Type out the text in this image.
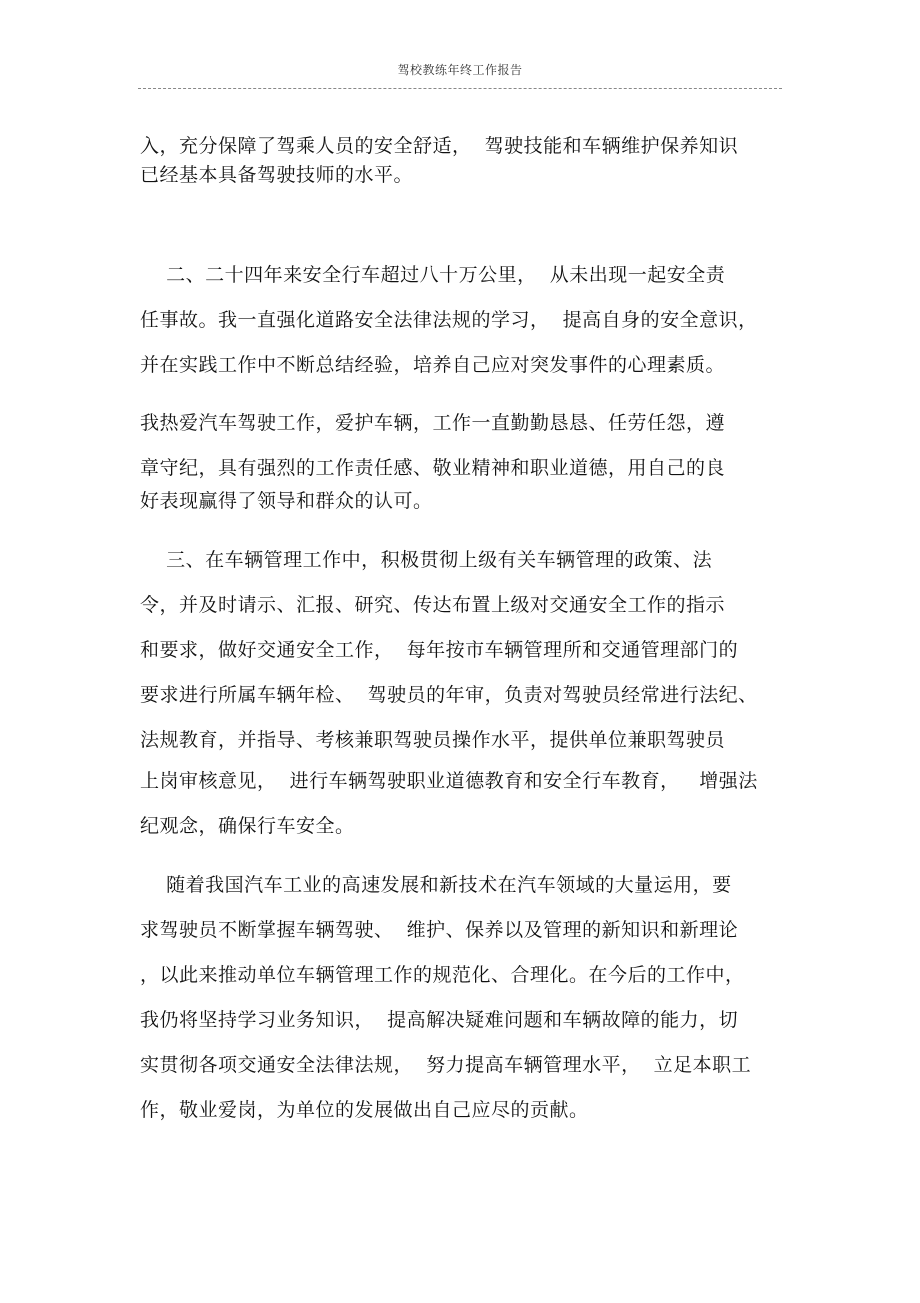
驾校教练年终工作报告
入，充分保障了驾乘人员的安全舒适，  驾驶技能和车辆维护保养知识
已经基本具备驾驶技师的水平。
二、二十四年来安全行车超过八十万公里，  从未出现一起安全责
任事故。我一直强化道路安全法律法规的学习，  提高自身的安全意识，
并在实践工作中不断总结经验，培养自己应对突发事件的心理素质。
我热爱汽车驾驶工作，爱护车辆，工作一直勤勤恳恳、任劳任怨，遵
章守纪，具有强烈的工作责任感、敬业精神和职业道德，用自己的良
好表现赢得了领导和群众的认可。
三、在车辆管理工作中，积极贯彻上级有关车辆管理的政策、法
令，并及时请示、汇报、研究、传达布置上级对交通安全工作的指示
和要求，做好交通安全工作，  每年按市车辆管理所和交通管理部门的
要求进行所属车辆年检、  驾驶员的年审，负责对驾驶员经常进行法纪、
法规教育，并指导、考核兼职驾驶员操作水平，提供单位兼职驾驶员
上岗审核意见，  进行车辆驾驶职业道德教育和安全行车教育，   增强法
纪观念，确保行车安全。
随着我国汽车工业的高速发展和新技术在汽车领域的大量运用，要
求驾驶员不断掌握车辆驾驶、  维护、保养以及管理的新知识和新理论
，以此来推动单位车辆管理工作的规范化、合理化。在今后的工作中，
我仍将坚持学习业务知识，  提高解决疑难问题和车辆故障的能力，切
实贯彻各项交通安全法律法规，  努力提高车辆管理水平，  立足本职工
作，敬业爱岗，为单位的发展做出自己应尽的贡献。
